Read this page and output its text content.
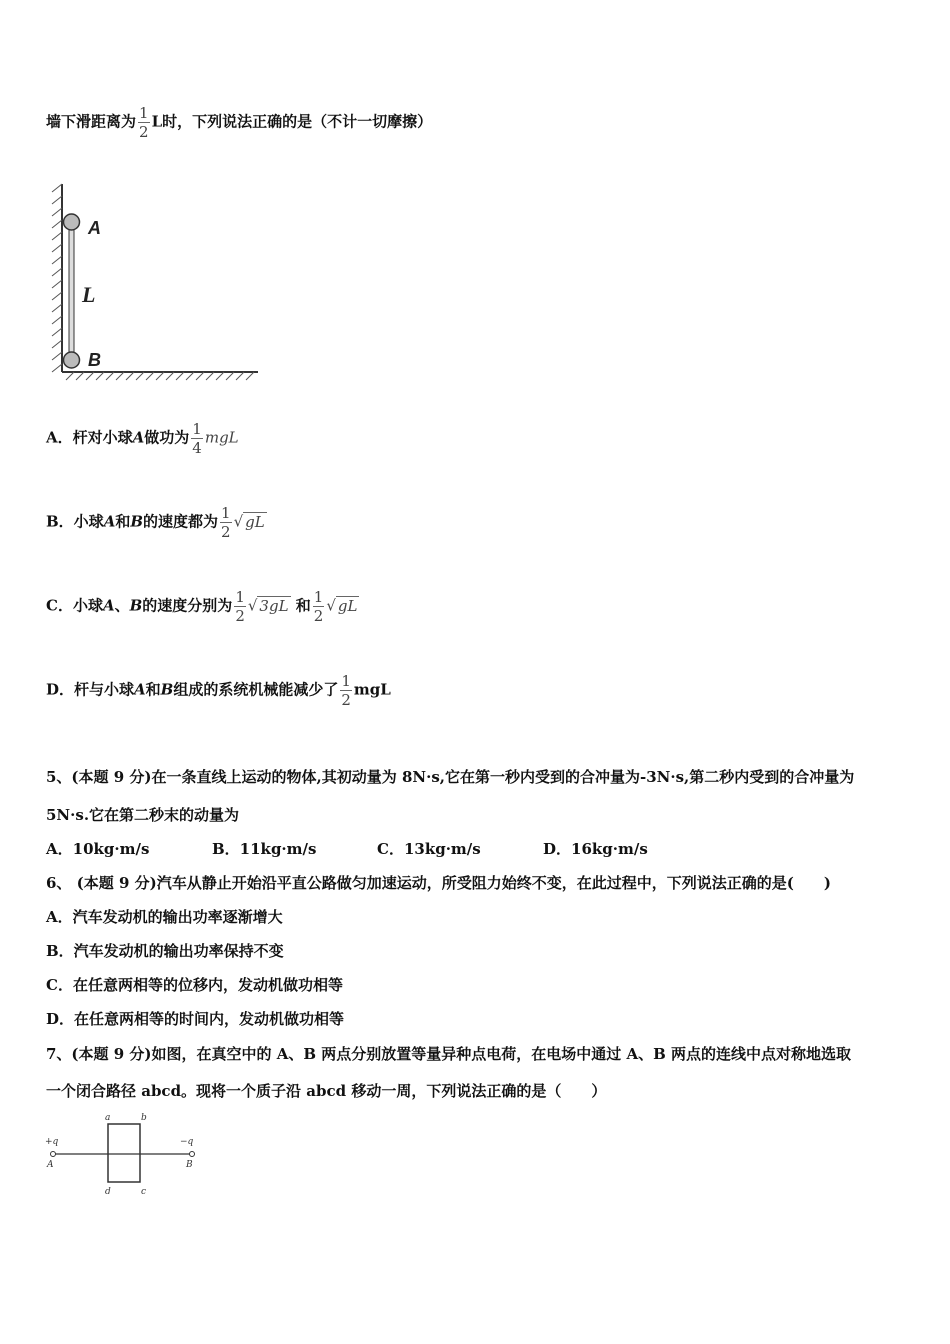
墙下滑距离为 $\frac{1}{2}$ L时，下列说法正确的是（不计一切摩擦）
A
L
B
A．杆对小球A做功为 $\frac{1}{4}$ mgL
B．小球A和B的速度都为 $\frac{1}{2}$ √ gL
C．小球A、B的速度分别为 $\frac{1}{2}$ √ 3gL 和 $\frac{1}{2}$ √ gL
D．杆与小球A和B组成的系统机械能减少了 $\frac{1}{2}$ mgL
5、(本题 9 分)在一条直线上运动的物体,其初动量为 8N·s,它在第一秒内受到的合冲量为-3N·s,第二秒内受到的合冲量为
5N·s.它在第二秒末的动量为
A．10kg·m/s	B．11kg·m/s	C．13kg·m/s	D．16kg·m/s
6、 (本题 9 分)汽车从静止开始沿平直公路做匀加速运动，所受阻力始终不变，在此过程中，下列说法正确的是(　　)
A．汽车发动机的输出功率逐渐增大
B．汽车发动机的输出功率保持不变
C．在任意两相等的位移内，发动机做功相等
D．在任意两相等的时间内，发动机做功相等
7、(本题 9 分)如图，在真空中的 A、B 两点分别放置等量异种点电荷，在电场中通过 A、B 两点的连线中点对称地选取
一个闭合路径 abcd。现将一个质子沿 abcd 移动一周，下列说法正确的是（　　）
+q	−q
A	B
a	b
d	c
